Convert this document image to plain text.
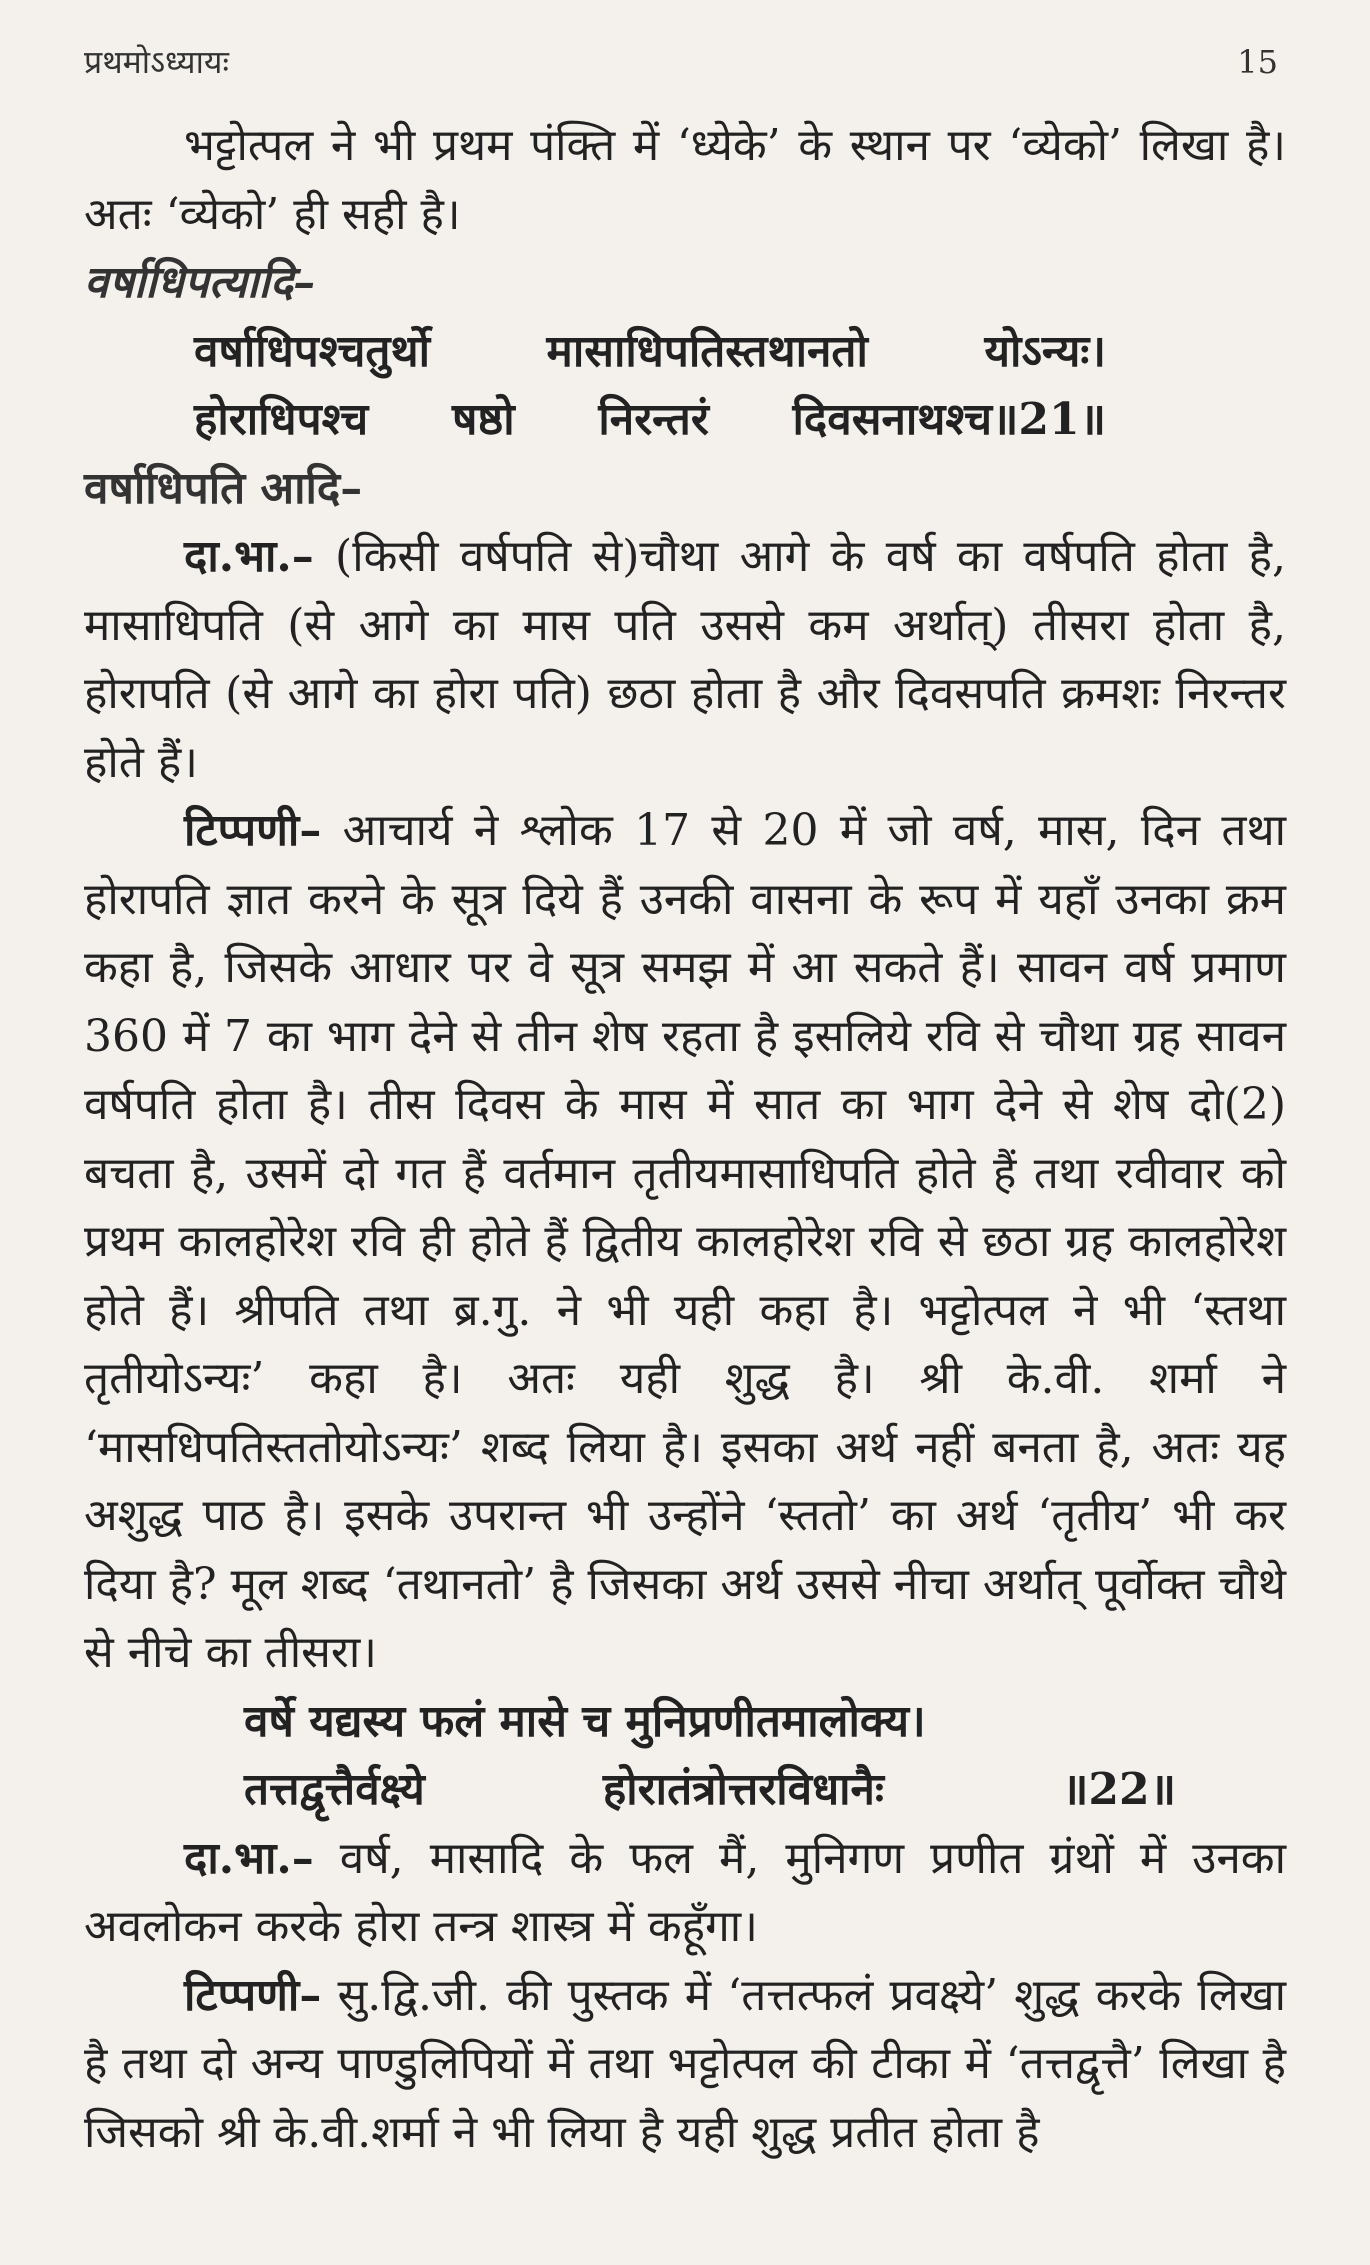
प्रथमोऽध्यायः	15

भट्टोत्पल ने भी प्रथम पंक्ति में ‘ध्येके’ के स्थान पर ‘व्येको’ लिखा है। अतः ‘व्येको’ ही सही है।

वर्षाधिपत्यादि–

वर्षाधिपश्चतुर्थो	मासाधिपतिस्तथानतो	योऽन्यः।
होराधिपश्च षष्ठो निरन्तरं दिवसनाथश्च॥21॥

वर्षाधिपति आदि–

दा.भा.– (किसी वर्षपति से)चौथा आगे के वर्ष का वर्षपति होता है, मासाधिपति (से आगे का मास पति उससे कम अर्थात्) तीसरा होता है, होरापति (से आगे का होरा पति) छठा होता है और दिवसपति क्रमशः निरन्तर होते हैं।

टिप्पणी– आचार्य ने श्लोक 17 से 20 में जो वर्ष, मास, दिन तथा होरापति ज्ञात करने के सूत्र दिये हैं उनकी वासना के रूप में यहाँ उनका क्रम कहा है, जिसके आधार पर वे सूत्र समझ में आ सकते हैं। सावन वर्ष प्रमाण 360 में 7 का भाग देने से तीन शेष रहता है इसलिये रवि से चौथा ग्रह सावन वर्षपति होता है। तीस दिवस के मास में सात का भाग देने से शेष दो(2) बचता है, उसमें दो गत हैं वर्तमान तृतीयमासाधिपति होते हैं तथा रवीवार को प्रथम कालहोरेश रवि ही होते हैं द्वितीय कालहोरेश रवि से छठा ग्रह कालहोरेश होते हैं। श्रीपति तथा ब्र.गु. ने भी यही कहा है। भट्टोत्पल ने भी ‘स्तथा तृतीयोऽन्यः’ कहा है। अतः यही शुद्ध है। श्री के.वी. शर्मा ने ‘मासधिपतिस्ततोयोऽन्यः’ शब्द लिया है। इसका अर्थ नहीं बनता है, अतः यह अशुद्ध पाठ है। इसके उपरान्त भी उन्होंने ‘स्ततो’ का अर्थ ‘तृतीय’ भी कर दिया है? मूल शब्द ‘तथानतो’ है जिसका अर्थ उससे नीचा अर्थात् पूर्वोक्त चौथे से नीचे का तीसरा।

वर्षे यद्यस्य फलं मासे च मुनिप्रणीतमालोक्य।
तत्तद्वृत्तैर्वक्ष्ये	होरातंत्रोत्तरविधानैः	॥22॥

दा.भा.– वर्ष, मासादि के फल मैं, मुनिगण प्रणीत ग्रंथों में उनका अवलोकन करके होरा तन्त्र शास्त्र में कहूँगा।

टिप्पणी– सु.द्वि.जी. की पुस्तक में ‘तत्तत्फलं प्रवक्ष्ये’ शुद्ध करके लिखा है तथा दो अन्य पाण्डुलिपियों में तथा भट्टोत्पल की टीका में ‘तत्तद्वृत्तै’ लिखा है जिसको श्री के.वी.शर्मा ने भी लिया है यही शुद्ध प्रतीत होता है
